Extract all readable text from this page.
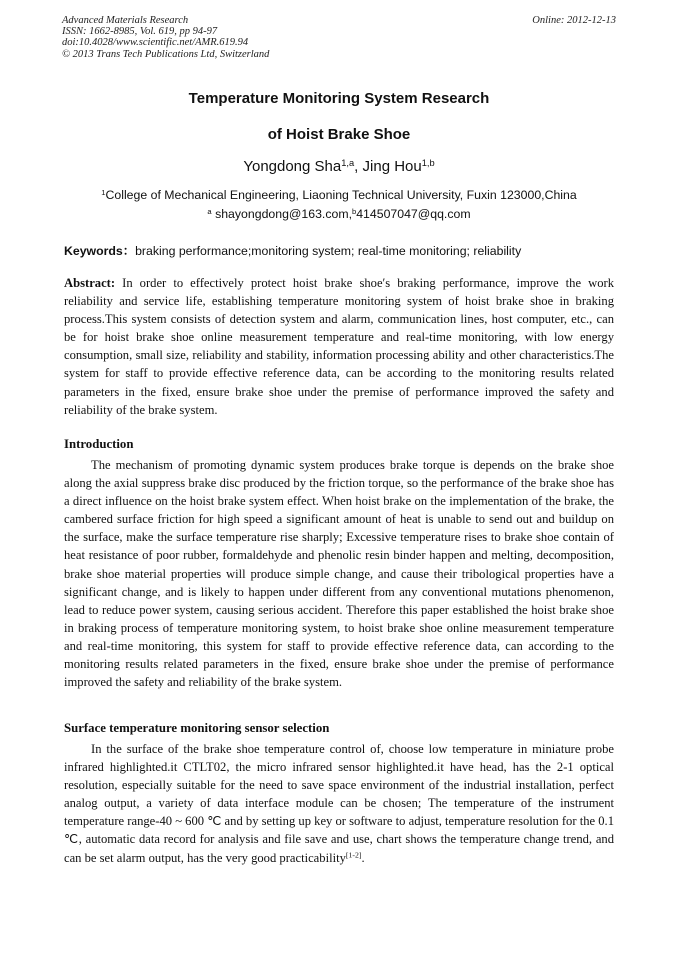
Advanced Materials Research
ISSN: 1662-8985, Vol. 619, pp 94-97
doi:10.4028/www.scientific.net/AMR.619.94
© 2013 Trans Tech Publications Ltd, Switzerland
Online: 2012-12-13
Temperature Monitoring System Research
of Hoist Brake Shoe
Yongdong Sha$^{1,a}$, Jing Hou$^{1,b}$
$^1$College of Mechanical Engineering, Liaoning Technical University, Fuxin 123000,China
$^a$ shayongdong@163.com,$^b$414507047@qq.com
Keywords：braking performance;monitoring system; real-time monitoring; reliability
Abstract: In order to effectively protect hoist brake shoe′s braking performance, improve the work reliability and service life, establishing temperature monitoring system of hoist brake shoe in braking process.This system consists of detection system and alarm, communication lines, host computer, etc., can be for hoist brake shoe online measurement temperature and real-time monitoring, with low energy consumption, small size, reliability and stability, information processing ability and other characteristics.The system for staff to provide effective reference data, can be according to the monitoring results related parameters in the fixed, ensure brake shoe under the premise of performance improved the safety and reliability of the brake system.
Introduction
The mechanism of promoting dynamic system produces brake torque is depends on the brake shoe along the axial suppress brake disc produced by the friction torque, so the performance of the brake shoe has a direct influence on the hoist brake system effect. When hoist brake on the implementation of the brake, the cambered surface friction for high speed a significant amount of heat is unable to send out and buildup on the surface, make the surface temperature rise sharply; Excessive temperature rises to brake shoe contain of heat resistance of poor rubber, formaldehyde and phenolic resin binder happen and melting, decomposition, brake shoe material properties will produce simple change, and cause their tribological properties have a significant change, and is likely to happen under different from any conventional mutations phenomenon, lead to reduce power system, causing serious accident. Therefore this paper established the hoist brake shoe in braking process of temperature monitoring system, to hoist brake shoe online measurement temperature and real-time monitoring, this system for staff to provide effective reference data, can according to the monitoring results related parameters in the fixed, ensure brake shoe under the premise of performance improved the safety and reliability of the brake system.
Surface temperature monitoring sensor selection
In the surface of the brake shoe temperature control of, choose low temperature in miniature probe infrared highlighted.it CTLT02, the micro infrared sensor highlighted.it have head, has the 2-1 optical resolution, especially suitable for the need to save space environment of the industrial installation, perfect analog output, a variety of data interface module can be chosen; The temperature of the instrument temperature range-40 ~ 600 ℃ and by setting up key or software to adjust, temperature resolution for the 0.1 ℃, automatic data record for analysis and file save and use, chart shows the temperature change trend, and can be set alarm output, has the very good practicability[1-2].
